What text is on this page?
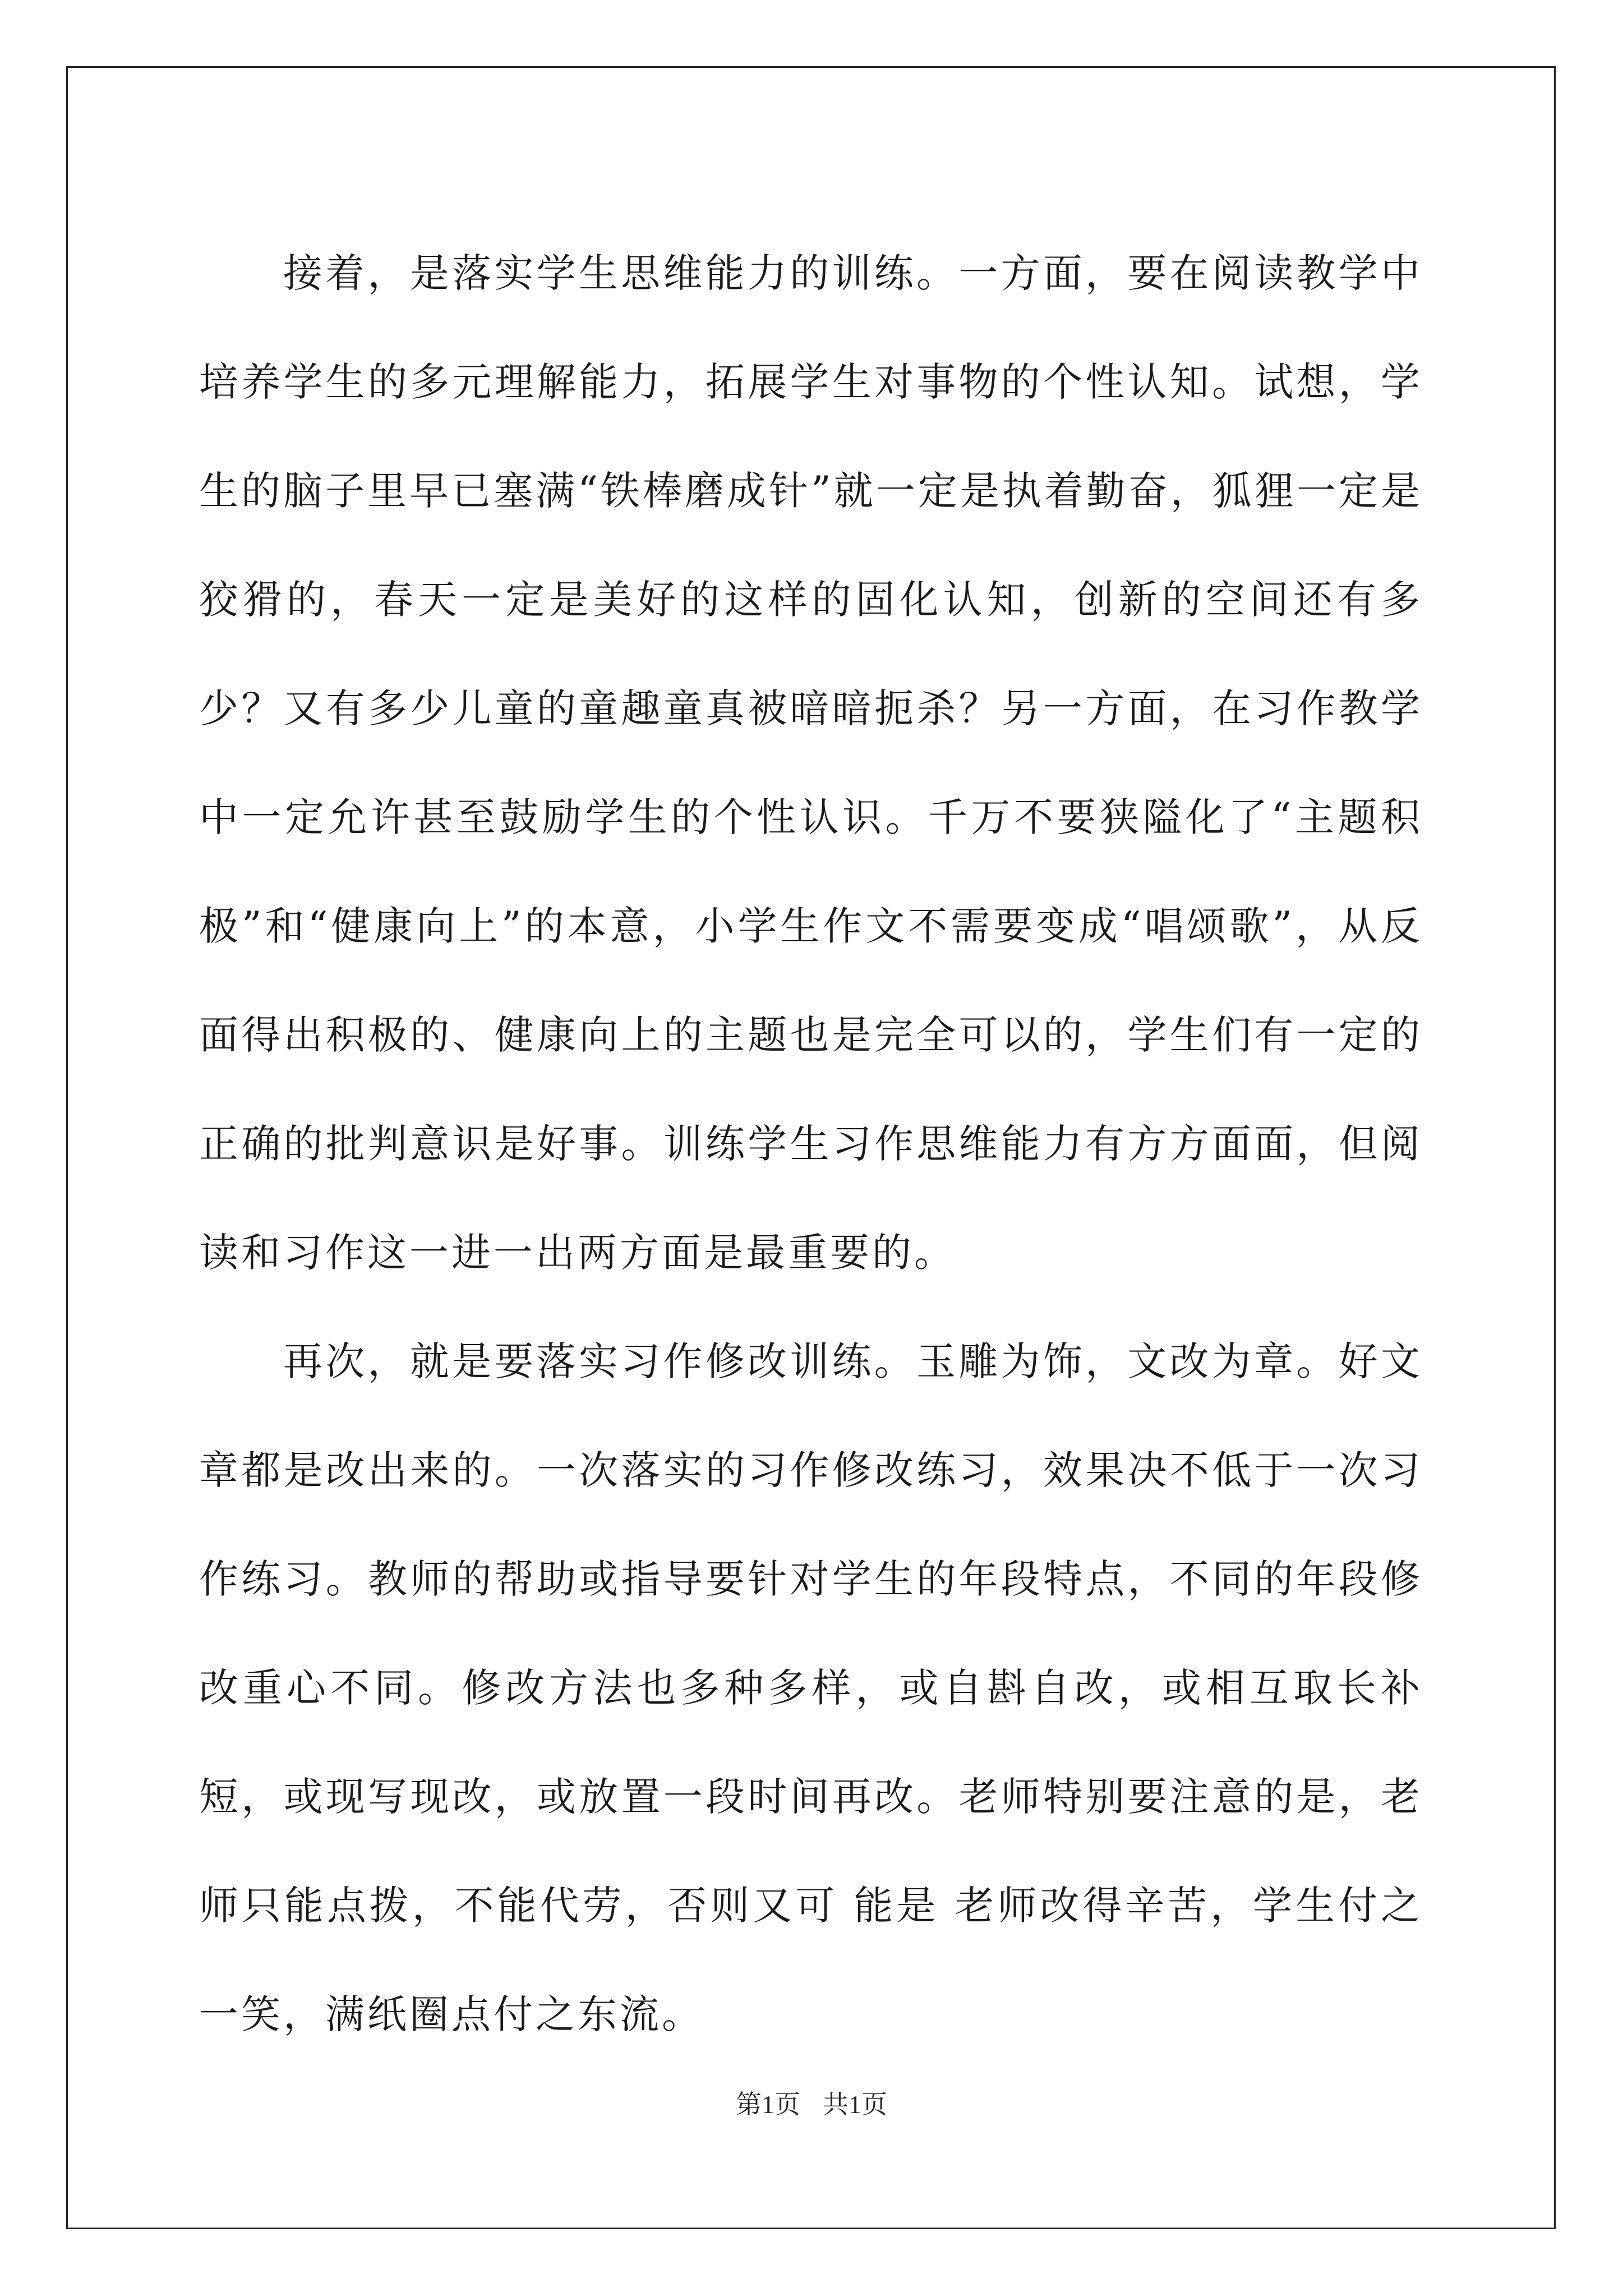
接着，是落实学生思维能力的训练。一方面，要在阅读教学中培养学生的多元理解能力，拓展学生对事物的个性认知。试想，学生的脑子里早已塞满“铁棒磨成针”就一定是执着勤奋，狐狸一定是狡猾的，春天一定是美好的这样的固化认知，创新的空间还有多少？又有多少儿童的童趣童真被暗暗扼杀？另一方面，在习作教学中一定允许甚至鼓励学生的个性认识。千万不要狭隘化了“主题积极”和“健康向上”的本意，小学生作文不需要变成“唱颂歌”，从反面得出积极的、健康向上的主题也是完全可以的，学生们有一定的正确的批判意识是好事。训练学生习作思维能力有方方面面，但阅读和习作这一进一出两方面是最重要的。

再次，就是要落实习作修改训练。玉雕为饰，文改为章。好文章都是改出来的。一次落实的习作修改练习，效果决不低于一次习作练习。教师的帮助或指导要针对学生的年段特点，不同的年段修改重心不同。修改方法也多种多样，或自斟自改，或相互取长补短，或现写现改，或放置一段时间再改。老师特别要注意的是，老师只能点拨，不能代劳，否则又可 能是 老师改得辛苦，学生付之一笑，满纸圈点付之东流。

第1页 共1页
